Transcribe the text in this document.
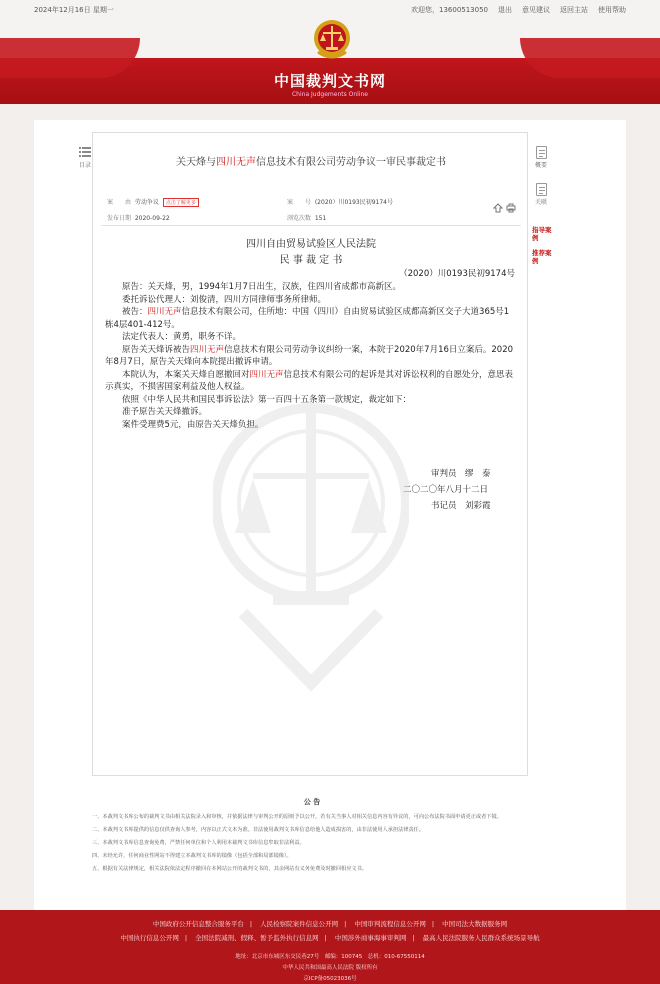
2024年12月16日 星期一	欢迎您，13600513050 退出 意见建议 返回主站 使用帮助
中国裁判文书网
China Judgements Online
目录	概要
关联
指导案例
推荐案例
关天烽与四川无声信息技术有限公司劳动争议一审民事裁定书
案　　由 劳动争议 点击了解更多	案　　号 (2020）川0193民初9174号
发布日期 2020-09-22	浏览次数 151
四川自由贸易试验区人民法院
民 事 裁 定 书
（2020）川0193民初9174号

原告：关天烽，男，1994年1月7日出生，汉族，住四川省成都市高新区。

委托诉讼代理人：刘俊清，四川方同律师事务所律师。

被告：四川无声信息技术有限公司，住所地：中国（四川）自由贸易试验区成都高新区交子大道365号1栋4层401-412号。

法定代表人：黄勇，职务不详。

原告关天烽诉被告四川无声信息技术有限公司劳动争议纠纷一案，本院于2020年7月16日立案后。2020年8月7日，原告关天烽向本院提出撤诉申请。

本院认为，本案关天烽自愿撤回对四川无声信息技术有限公司的起诉是其对诉讼权利的自愿处分，意思表示真实，不损害国家利益及他人权益。

依照《中华人民共和国民事诉讼法》第一百四十五条第一款规定，裁定如下：

准予原告关天烽撤诉。

案件受理费5元，由原告关天烽负担。

审判员　缪　泰
二〇二〇年八月十二日
书记员　刘彩霞
公 告
一、本裁判文书库公布的裁判文书由相关法院录入和审核，并依据法律与审判公开的原则予以公开。若有关当事人对相关信息内容有异议的，可向公布法院书面申请更正或者下镜。
二、本裁判文书库提供的信息仅供查询人参考，内容以正式文本为准。非法使用裁判文书库信息给他人造成损害的，由非法使用人承担法律责任。
三、本裁判文书库信息查询免费，严禁任何单位和个人利用本裁判文书库信息牟取非法利益。
四、未经允许，任何商业性网站不得建立本裁判文书库的镜像（包括全部和局部镜像）。
五、根据有关法律规定，相关法院依法定程序撤回在本网站公开的裁判文书的，其余网站有义务免费及时撤回相应文书。
中国政府公开信息整合服务平台 | 人民检察院案件信息公开网 | 中国审判流程信息公开网 | 中国司法大数据服务网
中国执行信息公开网 | 全国法院减刑、假释、暂予监外执行信息网 | 中国涉外商事海事审判网 | 最高人民法院服务人民群众系统场景导航
地址：北京市东城区东交民巷27号　邮编：100745　总机：010-67550114
中华人民共和国最高人民法院 版权所有
京ICP备05023036号
